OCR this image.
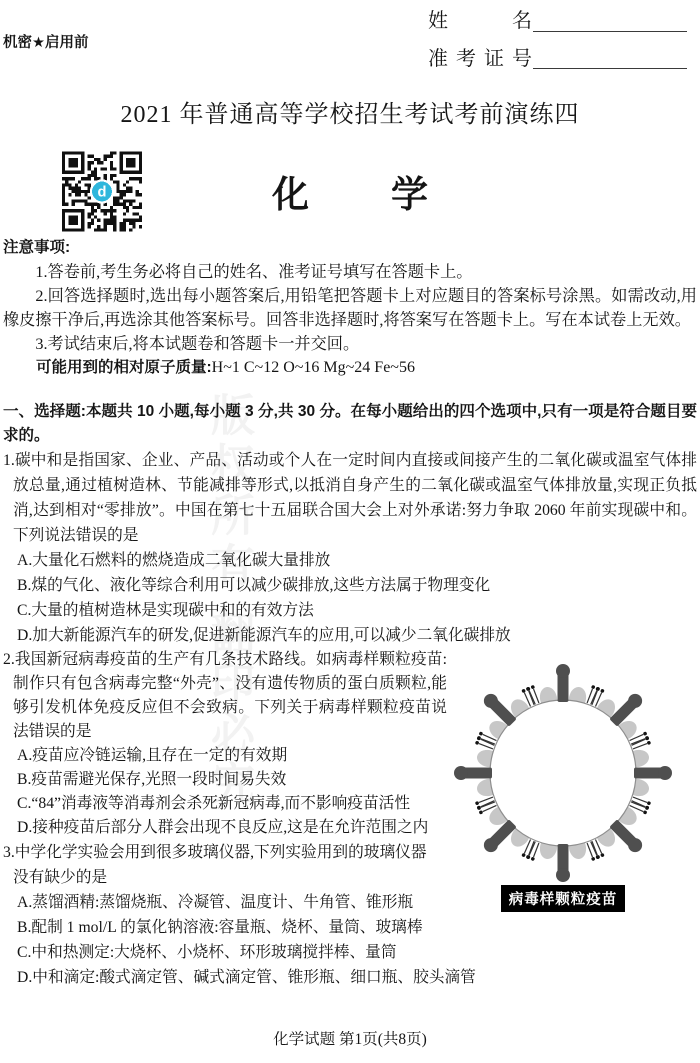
版权所有 翻印必究
机密★启用前
姓名
准考证号
2021 年普通高等学校招生考试考前演练四
d	化学
注意事项:
1.答卷前,考生务必将自己的姓名、准考证号填写在答题卡上。
2.回答选择题时,选出每小题答案后,用铅笔把答题卡上对应题目的答案标号涂黑。如需改动,用橡皮擦干净后,再选涂其他答案标号。回答非选择题时,将答案写在答题卡上。写在本试卷上无效。
3.考试结束后,将本试题卷和答题卡一并交回。
可能用到的相对原子质量:H~1 C~12 O~16 Mg~24 Fe~56
一、选择题:本题共 10 小题,每小题 3 分,共 30 分。在每小题给出的四个选项中,只有一项是符合题目要求的。
1.碳中和是指国家、企业、产品、活动或个人在一定时间内直接或间接产生的二氧化碳或温室气体排放总量,通过植树造林、节能减排等形式,以抵消自身产生的二氧化碳或温室气体排放量,实现正负抵消,达到相对“零排放”。中国在第七十五届联合国大会上对外承诺:努力争取 2060 年前实现碳中和。下列说法错误的是
A.大量化石燃料的燃烧造成二氧化碳大量排放
B.煤的气化、液化等综合利用可以减少碳排放,这些方法属于物理变化
C.大量的植树造林是实现碳中和的有效方法
D.加大新能源汽车的研发,促进新能源汽车的应用,可以减少二氧化碳排放
2.我国新冠病毒疫苗的生产有几条技术路线。如病毒样颗粒疫苗:制作只有包含病毒完整“外壳”、没有遗传物质的蛋白质颗粒,能够引发机体免疫反应但不会致病。下列关于病毒样颗粒疫苗说法错误的是
A.疫苗应冷链运输,且存在一定的有效期
B.疫苗需避光保存,光照一段时间易失效
C.“84”消毒液等消毒剂会杀死新冠病毒,而不影响疫苗活性
D.接种疫苗后部分人群会出现不良反应,这是在允许范围之内
3.中学化学实验会用到很多玻璃仪器,下列实验用到的玻璃仪器
没有缺少的是
A.蒸馏酒精:蒸馏烧瓶、冷凝管、温度计、牛角管、锥形瓶
B.配制 1 mol/L 的氯化钠溶液:容量瓶、烧杯、量筒、玻璃棒
C.中和热测定:大烧杯、小烧杯、环形玻璃搅拌棒、量筒
D.中和滴定:酸式滴定管、碱式滴定管、锥形瓶、细口瓶、胶头滴管
病毒样颗粒疫苗
化学试题 第1页(共8页)
